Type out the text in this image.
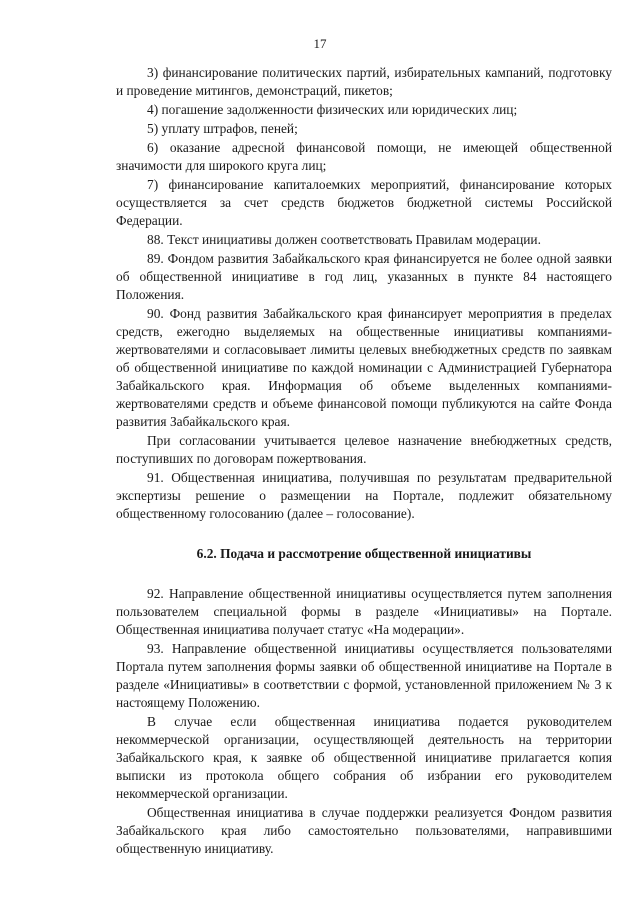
17

3) финансирование политических партий, избирательных кампаний, подготовку и проведение митингов, демонстраций, пикетов;

4) погашение задолженности физических или юридических лиц;

5) уплату штрафов, пеней;

6) оказание адресной финансовой помощи, не имеющей общественной значимости для широкого круга лиц;

7) финансирование капиталоемких мероприятий, финансирование которых осуществляется за счет средств бюджетов бюджетной системы Российской Федерации.

88. Текст инициативы должен соответствовать Правилам модерации.

89. Фондом развития Забайкальского края финансируется не более одной заявки об общественной инициативе в год лиц, указанных в пункте 84 настоящего Положения.

90. Фонд развития Забайкальского края финансирует мероприятия в пределах средств, ежегодно выделяемых на общественные инициативы компаниями-жертвователями и согласовывает лимиты целевых внебюджетных средств по заявкам об общественной инициативе по каждой номинации с Администрацией Губернатора Забайкальского края. Информация об объеме выделенных компаниями-жертвователями средств и объеме финансовой помощи публикуются на сайте Фонда развития Забайкальского края.

При согласовании учитывается целевое назначение внебюджетных средств, поступивших по договорам пожертвования.

91. Общественная инициатива, получившая по результатам предварительной экспертизы решение о размещении на Портале, подлежит обязательному общественному голосованию (далее – голосование).

6.2. Подача и рассмотрение общественной инициативы

92. Направление общественной инициативы осуществляется путем заполнения пользователем специальной формы в разделе «Инициативы» на Портале. Общественная инициатива получает статус «На модерации».

93. Направление общественной инициативы осуществляется пользователями Портала путем заполнения формы заявки об общественной инициативе на Портале в разделе «Инициативы» в соответствии с формой, установленной приложением № 3 к настоящему Положению.

В случае если общественная инициатива подается руководителем некоммерческой организации, осуществляющей деятельность на территории Забайкальского края, к заявке об общественной инициативе прилагается копия выписки из протокола общего собрания об избрании его руководителем некоммерческой организации.

Общественная инициатива в случае поддержки реализуется Фондом развития Забайкальского края либо самостоятельно пользователями, направившими общественную инициативу.
